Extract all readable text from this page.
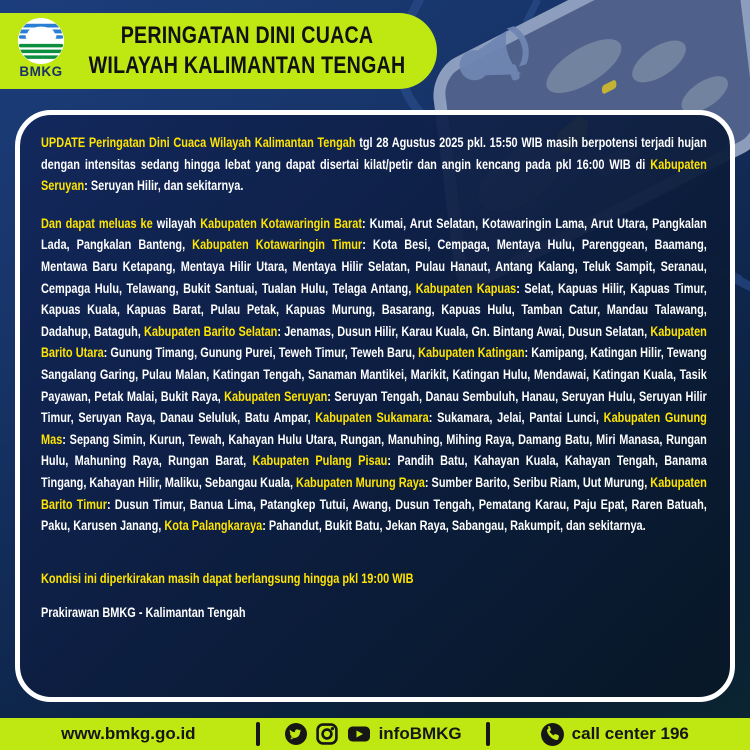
BMKG
PERINGATAN DINI CUACA
WILAYAH KALIMANTAN TENGAH

UPDATE Peringatan Dini Cuaca Wilayah Kalimantan Tengah tgl 28 Agustus 2025 pkl. 15:50 WIB masih berpotensi terjadi hujan dengan intensitas sedang hingga lebat yang dapat disertai kilat/petir dan angin kencang pada pkl 16:00 WIB di Kabupaten Seruyan: Seruyan Hilir, dan sekitarnya.

Dan dapat meluas ke wilayah Kabupaten Kotawaringin Barat: Kumai, Arut Selatan, Kotawaringin Lama, Arut Utara, Pangkalan Lada, Pangkalan Banteng, Kabupaten Kotawaringin Timur: Kota Besi, Cempaga, Mentaya Hulu, Parenggean, Baamang, Mentawa Baru Ketapang, Mentaya Hilir Utara, Mentaya Hilir Selatan, Pulau Hanaut, Antang Kalang, Teluk Sampit, Seranau, Cempaga Hulu, Telawang, Bukit Santuai, Tualan Hulu, Telaga Antang, Kabupaten Kapuas: Selat, Kapuas Hilir, Kapuas Timur, Kapuas Kuala, Kapuas Barat, Pulau Petak, Kapuas Murung, Basarang, Kapuas Hulu, Tamban Catur, Mandau Talawang, Dadahup, Bataguh, Kabupaten Barito Selatan: Jenamas, Dusun Hilir, Karau Kuala, Gn. Bintang Awai, Dusun Selatan, Kabupaten Barito Utara: Gunung Timang, Gunung Purei, Teweh Timur, Teweh Baru, Kabupaten Katingan: Kamipang, Katingan Hilir, Tewang Sangalang Garing, Pulau Malan, Katingan Tengah, Sanaman Mantikei, Marikit, Katingan Hulu, Mendawai, Katingan Kuala, Tasik Payawan, Petak Malai, Bukit Raya, Kabupaten Seruyan: Seruyan Tengah, Danau Sembuluh, Hanau, Seruyan Hulu, Seruyan Hilir Timur, Seruyan Raya, Danau Seluluk, Batu Ampar, Kabupaten Sukamara: Sukamara, Jelai, Pantai Lunci, Kabupaten Gunung Mas: Sepang Simin, Kurun, Tewah, Kahayan Hulu Utara, Rungan, Manuhing, Mihing Raya, Damang Batu, Miri Manasa, Rungan Hulu, Mahuning Raya, Rungan Barat, Kabupaten Pulang Pisau: Pandih Batu, Kahayan Kuala, Kahayan Tengah, Banama Tingang, Kahayan Hilir, Maliku, Sebangau Kuala, Kabupaten Murung Raya: Sumber Barito, Seribu Riam, Uut Murung, Kabupaten Barito Timur: Dusun Timur, Banua Lima, Patangkep Tutui, Awang, Dusun Tengah, Pematang Karau, Paju Epat, Raren Batuah, Paku, Karusen Janang, Kota Palangkaraya: Pahandut, Bukit Batu, Jekan Raya, Sabangau, Rakumpit, dan sekitarnya.

Kondisi ini diperkirakan masih dapat berlangsung hingga pkl 19:00 WIB

Prakirawan BMKG - Kalimantan Tengah

www.bmkg.go.id	infoBMKG	call center 196
